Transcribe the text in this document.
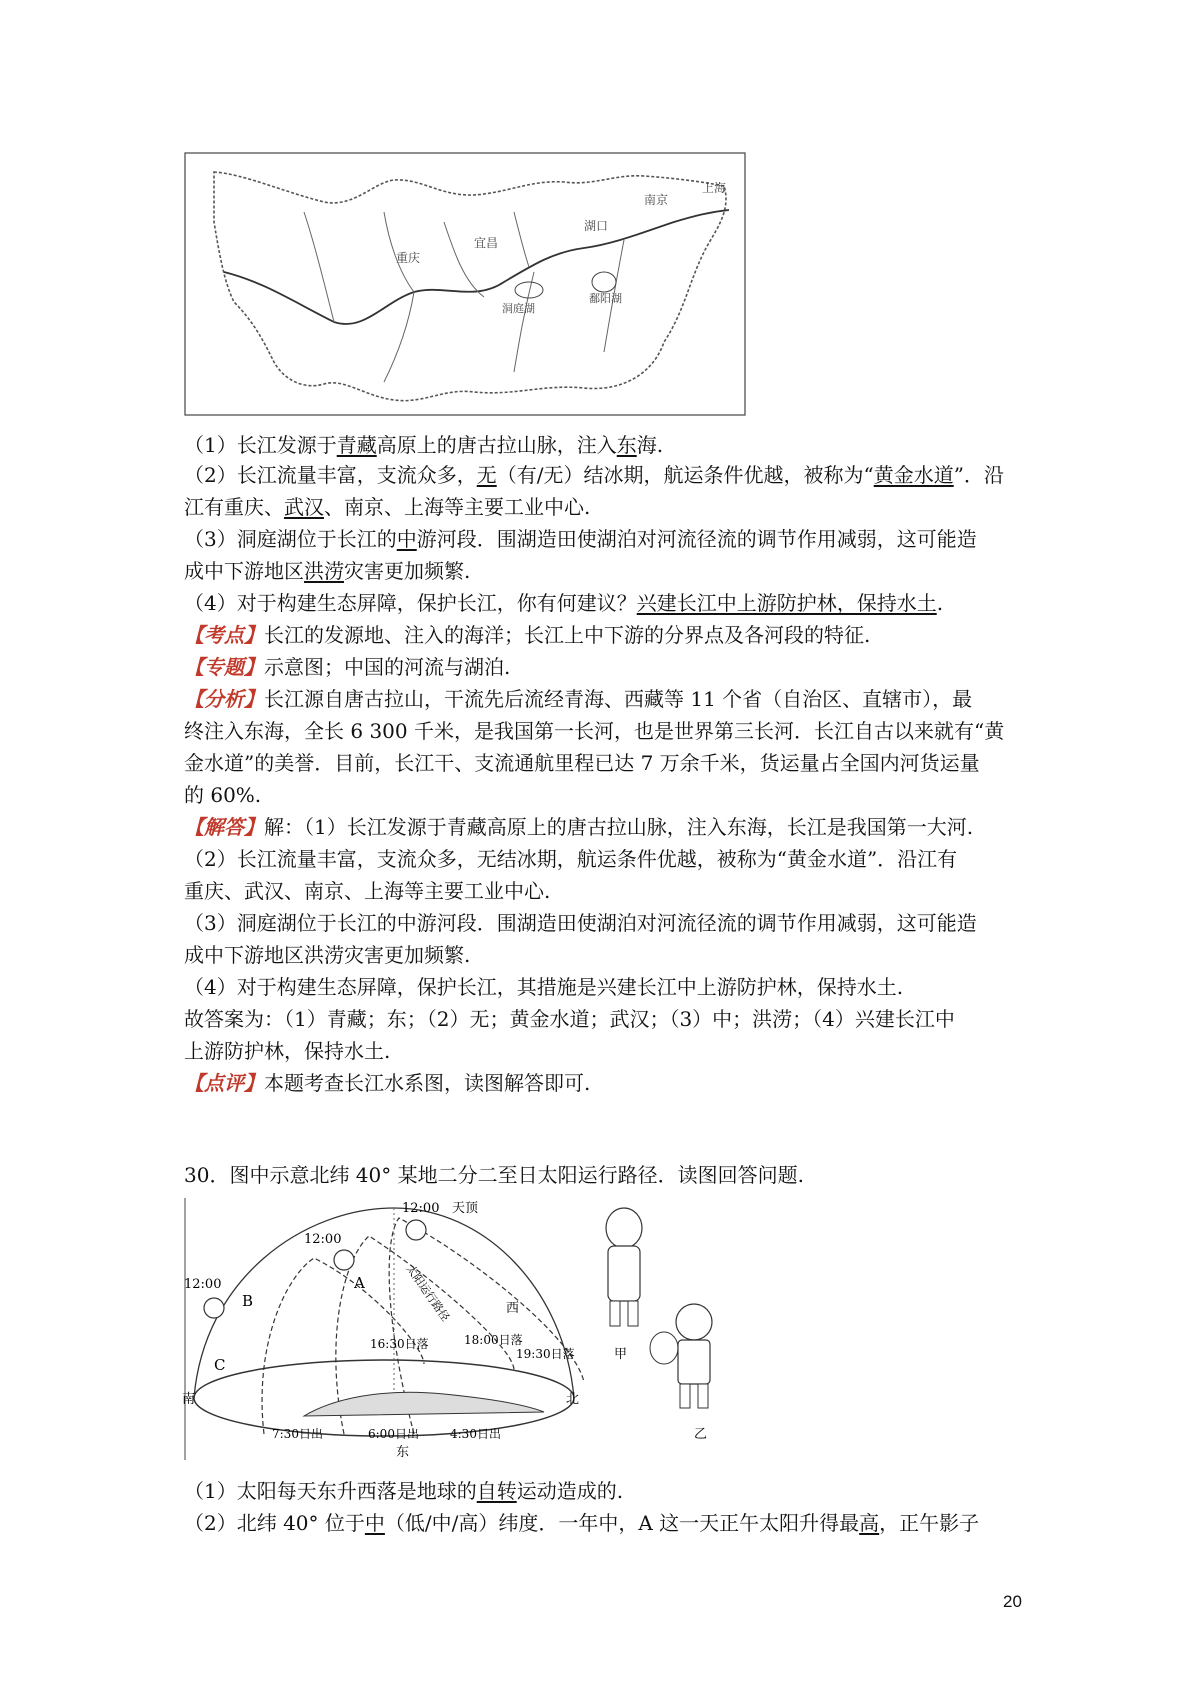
重庆
宜昌
湖口
南京
上海
洞庭湖
鄱阳湖
（1）长江发源于青藏高原上的唐古拉山脉，注入东海.
（2）长江流量丰富，支流众多，无（有/无）结冰期，航运条件优越，被称为“黄金水道”．沿
江有重庆、武汉、南京、上海等主要工业中心.
（3）洞庭湖位于长江的中游河段．围湖造田使湖泊对河流径流的调节作用减弱，这可能造
成中下游地区洪涝灾害更加频繁.
（4）对于构建生态屏障，保护长江，你有何建议？兴建长江中上游防护林，保持水土.
【考点】长江的发源地、注入的海洋；长江上中下游的分界点及各河段的特征.
【专题】示意图；中国的河流与湖泊.
【分析】长江源自唐古拉山，干流先后流经青海、西藏等 11 个省（自治区、直辖市），最
终注入东海，全长 6 300 千米，是我国第一长河，也是世界第三长河．长江自古以来就有“黄
金水道”的美誉．目前，长江干、支流通航里程已达 7 万余千米，货运量占全国内河货运量
的 60%.
【解答】解：（1）长江发源于青藏高原上的唐古拉山脉，注入东海，长江是我国第一大河.
（2）长江流量丰富，支流众多，无结冰期，航运条件优越，被称为“黄金水道”．沿江有
重庆、武汉、南京、上海等主要工业中心.
（3）洞庭湖位于长江的中游河段．围湖造田使湖泊对河流径流的调节作用减弱，这可能造
成中下游地区洪涝灾害更加频繁.
（4）对于构建生态屏障，保护长江，其措施是兴建长江中上游防护林，保持水土.
故答案为：（1）青藏；东；（2）无；黄金水道；武汉；（3）中；洪涝；（4）兴建长江中
上游防护林，保持水土.
【点评】本题考查长江水系图，读图解答即可.
30．图中示意北纬 40° 某地二分二至日太阳运行路径．读图回答问题.
12:00 天顶
12:00
12:00	太阳运行路径
A
B
C
西
东
南	北
16:30日落	18:00日落
19:30日落
7:30日出	6:00日出	4:30日出
甲
乙
（1）太阳每天东升西落是地球的自转运动造成的.
（2）北纬 40° 位于中（低/中/高）纬度．一年中，A 这一天正午太阳升得最高，正午影子
20
